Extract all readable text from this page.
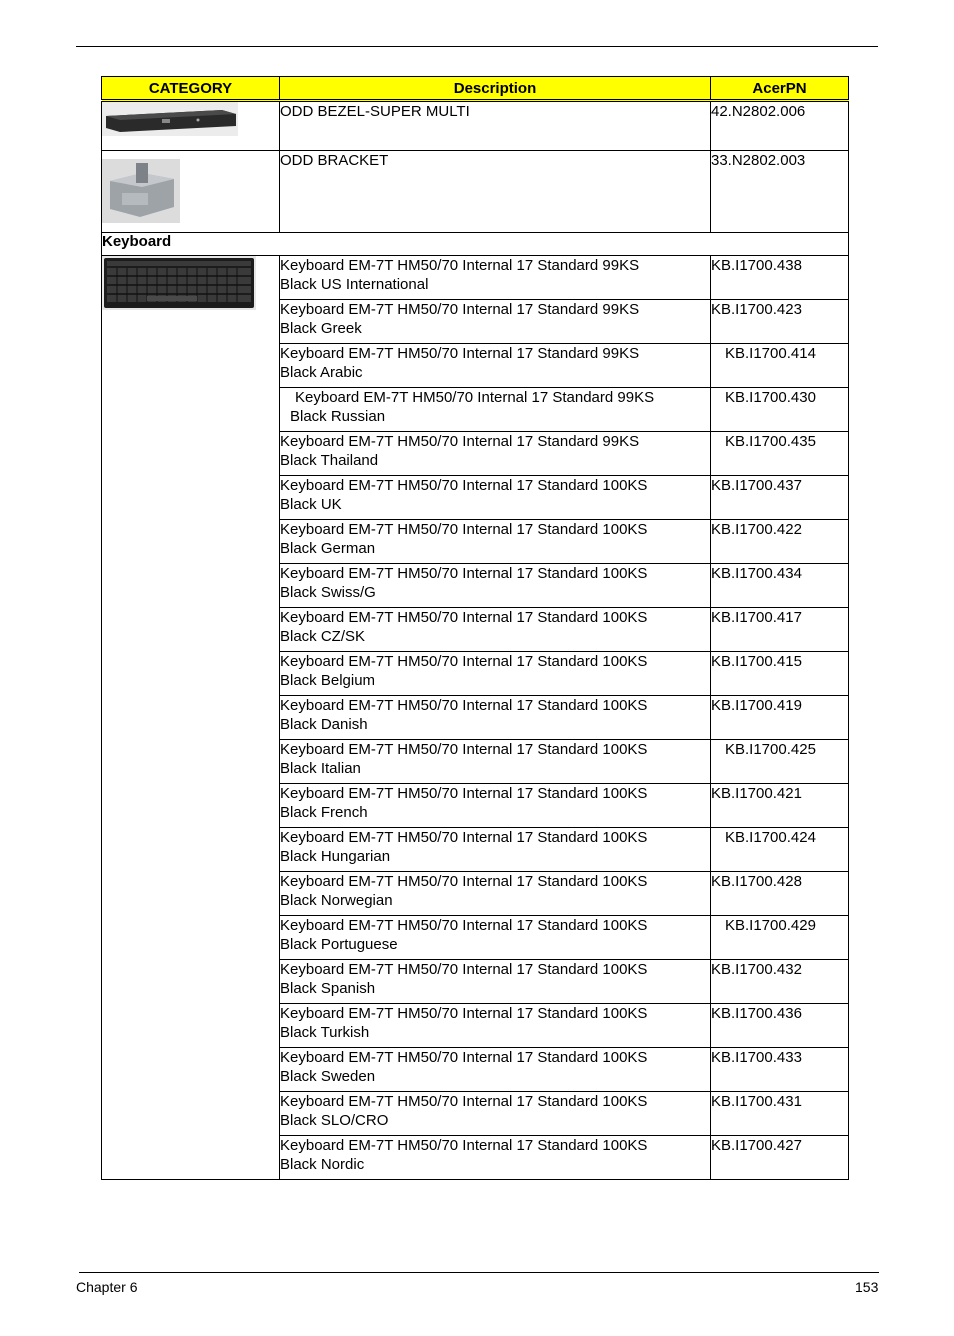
CATEGORY	Description	AcerPN
	ODD BEZEL-SUPER MULTI	42.N2802.006
	ODD BRACKET	33.N2802.003
Keyboard		
	Keyboard EM-7T HM50/70 Internal 17 Standard 99KS
Black US International	KB.I1700.438
	Keyboard EM-7T HM50/70 Internal 17 Standard 99KS
Black Greek	KB.I1700.423
	Keyboard EM-7T HM50/70 Internal 17 Standard 99KS
Black Arabic	KB.I1700.414
	Keyboard EM-7T HM50/70 Internal 17 Standard 99KS
Black Russian	KB.I1700.430
	Keyboard EM-7T HM50/70 Internal 17 Standard 99KS
Black Thailand	KB.I1700.435
	Keyboard EM-7T HM50/70 Internal 17 Standard 100KS
Black UK	KB.I1700.437
	Keyboard EM-7T HM50/70 Internal 17 Standard 100KS
Black German	KB.I1700.422
	Keyboard EM-7T HM50/70 Internal 17 Standard 100KS
Black Swiss/G	KB.I1700.434
	Keyboard EM-7T HM50/70 Internal 17 Standard 100KS
Black CZ/SK	KB.I1700.417
	Keyboard EM-7T HM50/70 Internal 17 Standard 100KS
Black Belgium	KB.I1700.415
	Keyboard EM-7T HM50/70 Internal 17 Standard 100KS
Black Danish	KB.I1700.419
	Keyboard EM-7T HM50/70 Internal 17 Standard 100KS
Black Italian	KB.I1700.425
	Keyboard EM-7T HM50/70 Internal 17 Standard 100KS
Black French	KB.I1700.421
	Keyboard EM-7T HM50/70 Internal 17 Standard 100KS
Black Hungarian	KB.I1700.424
	Keyboard EM-7T HM50/70 Internal 17 Standard 100KS
Black Norwegian	KB.I1700.428
	Keyboard EM-7T HM50/70 Internal 17 Standard 100KS
Black Portuguese	KB.I1700.429
	Keyboard EM-7T HM50/70 Internal 17 Standard 100KS
Black Spanish	KB.I1700.432
	Keyboard EM-7T HM50/70 Internal 17 Standard 100KS
Black Turkish	KB.I1700.436
	Keyboard EM-7T HM50/70 Internal 17 Standard 100KS
Black Sweden	KB.I1700.433
	Keyboard EM-7T HM50/70 Internal 17 Standard 100KS
Black SLO/CRO	KB.I1700.431
	Keyboard EM-7T HM50/70 Internal 17 Standard 100KS
Black Nordic	KB.I1700.427
Chapter 6	153
